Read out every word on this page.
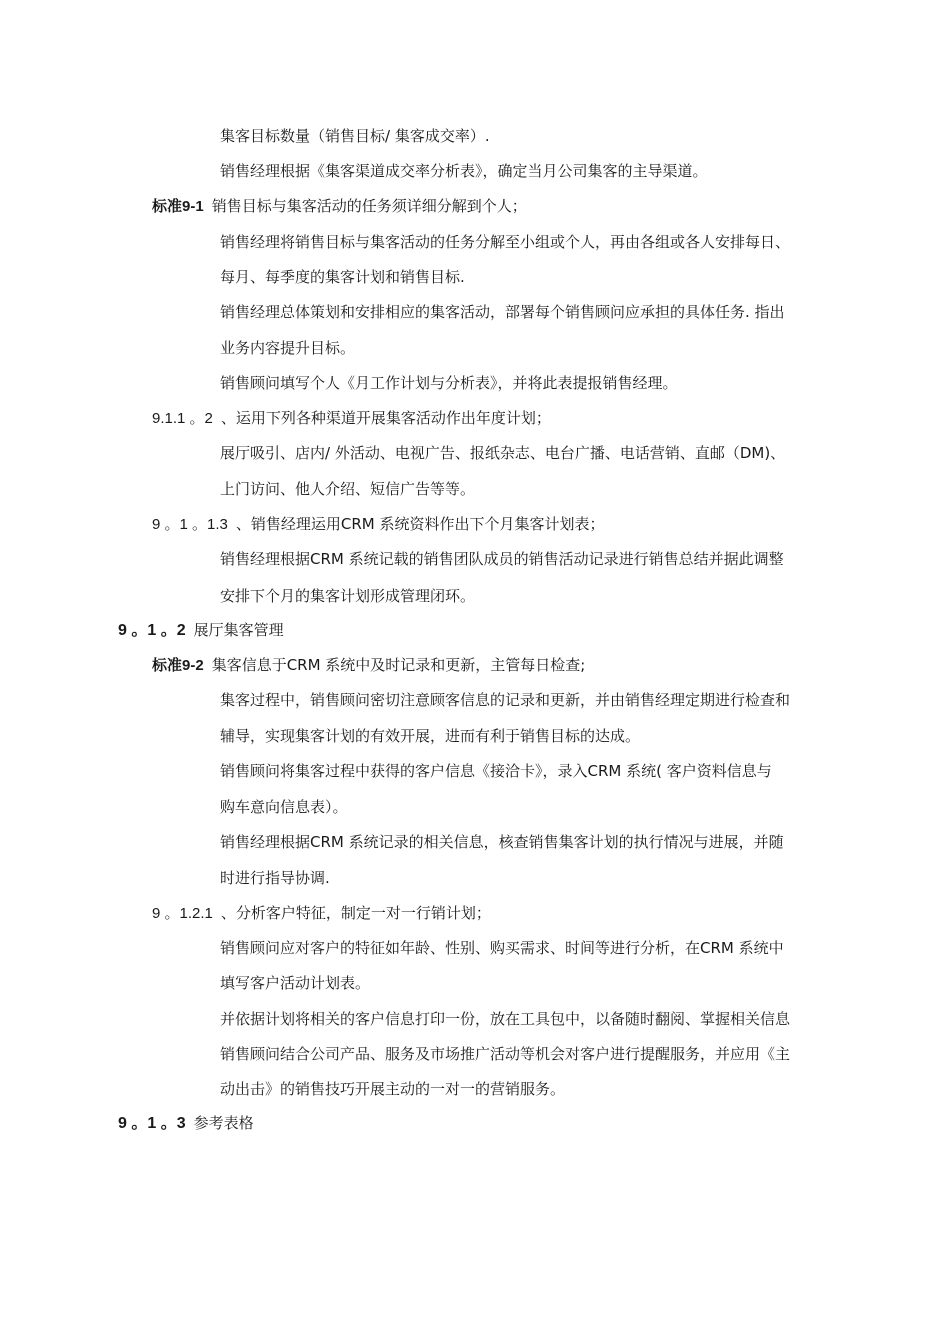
集客目标数量（销售目标/ 集客成交率）.
销售经理根据《集客渠道成交率分析表》，确定当月公司集客的主导渠道。
标准9-1 销售目标与集客活动的任务须详细分解到个人；
销售经理将销售目标与集客活动的任务分解至小组或个人，再由各组或各人安排每日、
每月、每季度的集客计划和销售目标.
销售经理总体策划和安排相应的集客活动，部署每个销售顾问应承担的具体任务. 指出
业务内容提升目标。
销售顾问填写个人《月工作计划与分析表》，并将此表提报销售经理。
9.1.1 。2 、运用下列各种渠道开展集客活动作出年度计划；
展厅吸引、店内/ 外活动、电视广告、报纸杂志、电台广播、电话营销、直邮（DM)、
上门访问、他人介绍、短信广告等等。
9 。1 。1.3 、销售经理运用CRM 系统资料作出下个月集客计划表；
销售经理根据CRM 系统记载的销售团队成员的销售活动记录进行销售总结并据此调整
安排下个月的集客计划形成管理闭环。
9 。1 。2 展厅集客管理
标准9-2 集客信息于CRM 系统中及时记录和更新，主管每日检查;
集客过程中，销售顾问密切注意顾客信息的记录和更新，并由销售经理定期进行检查和
辅导，实现集客计划的有效开展，进而有利于销售目标的达成。
销售顾问将集客过程中获得的客户信息《接洽卡》，录入CRM 系统( 客户资料信息与
购车意向信息表）。
销售经理根据CRM 系统记录的相关信息，核查销售集客计划的执行情况与进展，并随
时进行指导协调.
9 。1.2.1 、分析客户特征，制定一对一行销计划；
销售顾问应对客户的特征如年龄、性别、购买需求、时间等进行分析，在CRM 系统中
填写客户活动计划表。
并依据计划将相关的客户信息打印一份，放在工具包中，以备随时翻阅、掌握相关信息
销售顾问结合公司产品、服务及市场推广活动等机会对客户进行提醒服务，并应用《主
动出击》的销售技巧开展主动的一对一的营销服务。
9 。1 。3 参考表格
